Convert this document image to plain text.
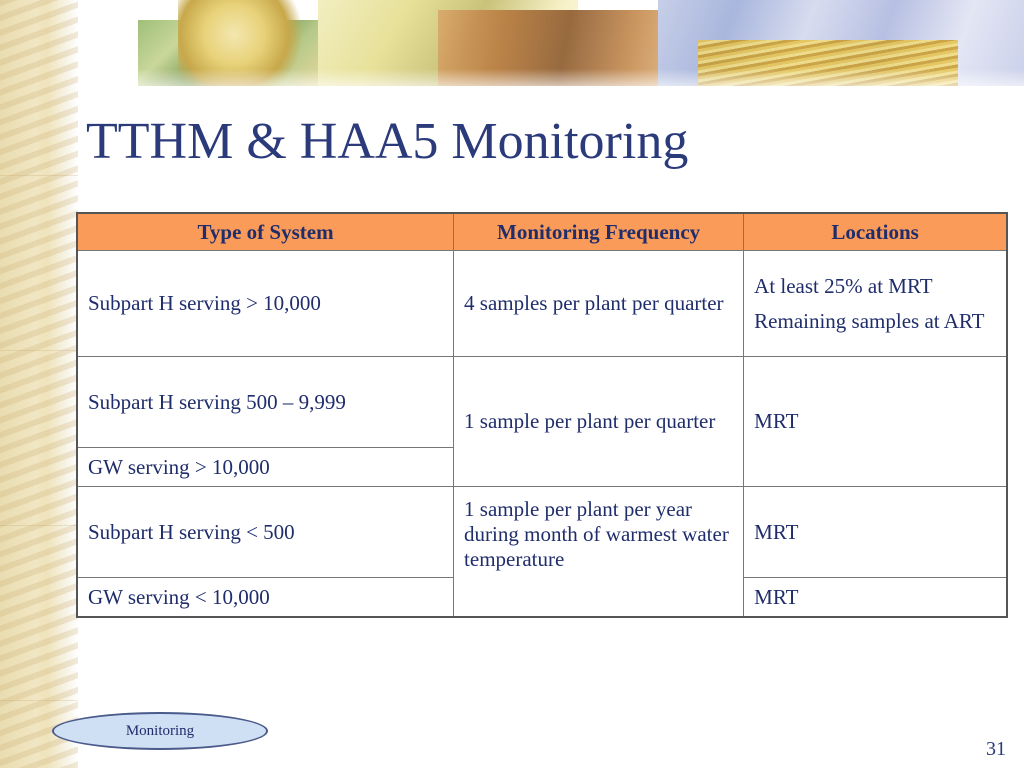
TTHM & HAA5 Monitoring
Type of System	Monitoring Frequency	Locations
Subpart H serving > 10,000	4 samples per plant per quarter	At least 25% at MRT
Remaining samples at ART

Subpart H serving 500 – 9,999	1 sample per plant per quarter	MRT
GW serving > 10,000		
Subpart H serving < 500	1 sample per plant per year during month of warmest water temperature	MRT
GW serving < 10,000		MRT
Monitoring
31
